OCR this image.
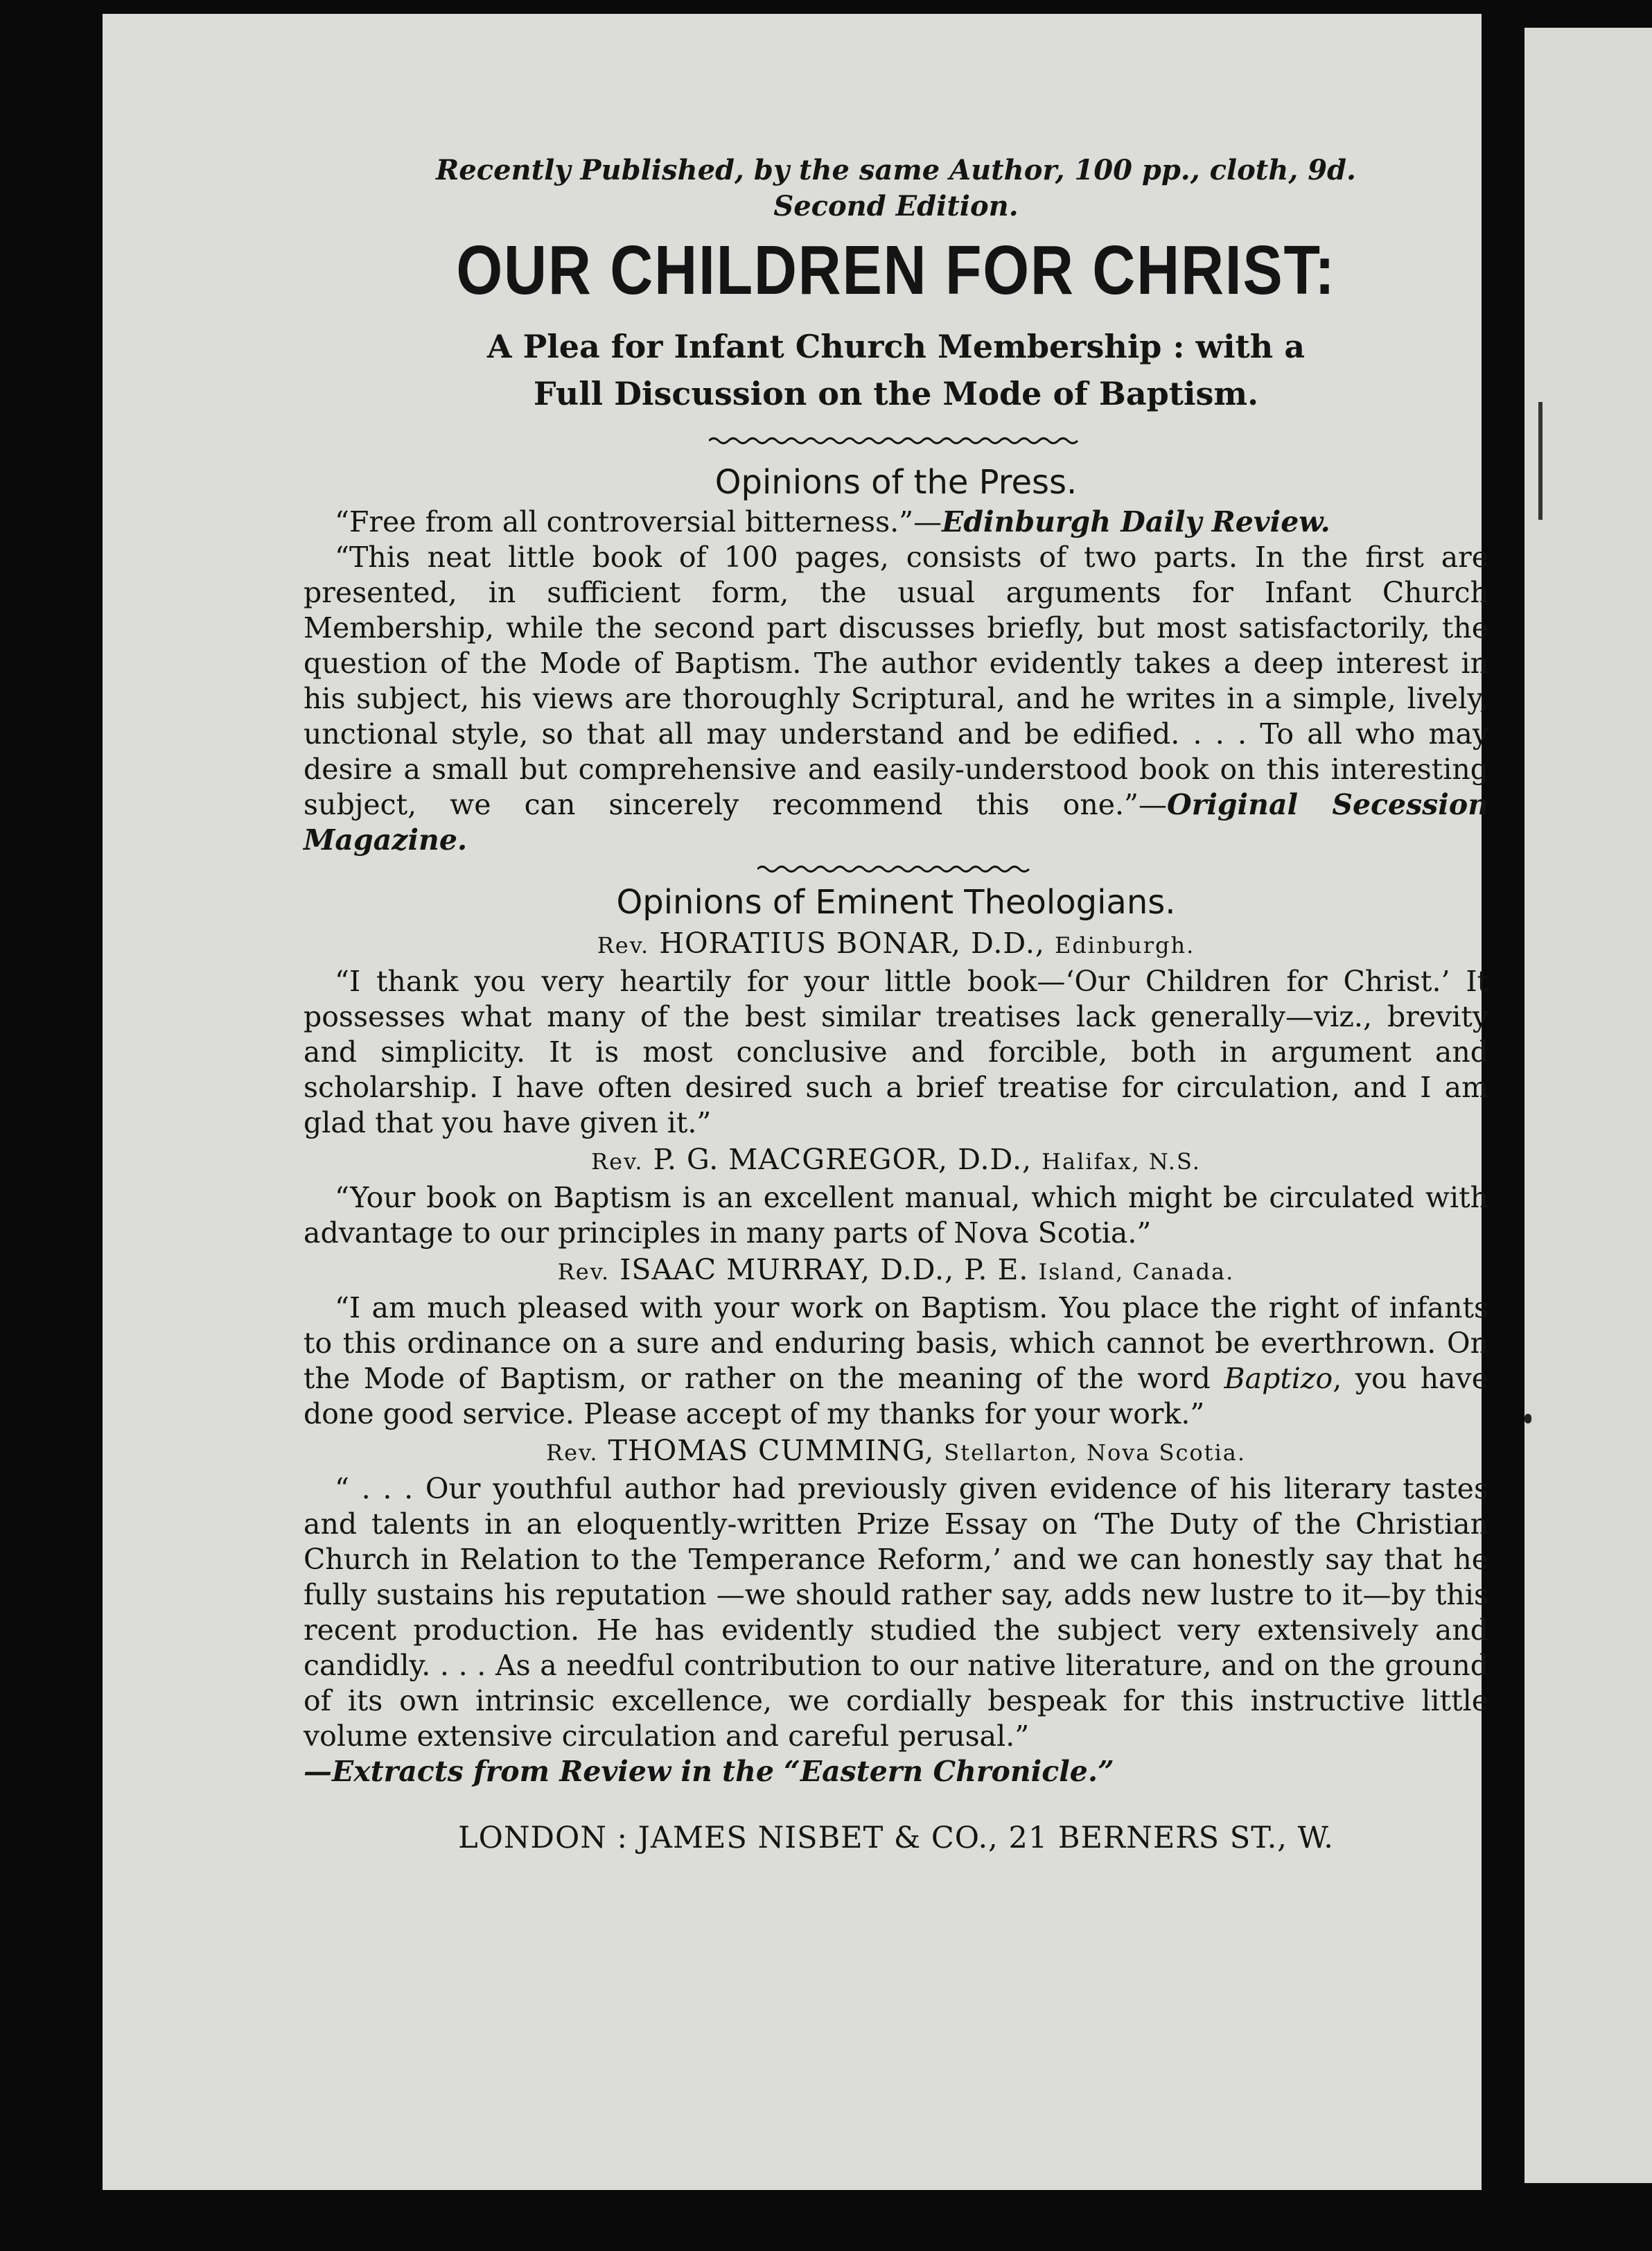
Recently Published, by the same Author, 100 pp., cloth, 9d.
Second Edition.
OUR CHILDREN FOR CHRIST:
A Plea for Infant Church Membership : with a
Full Discussion on the Mode of Baptism.
Opinions of the Press.

“Free from all controversial bitterness.”—Edinburgh Daily Review.

“This neat little book of 100 pages, consists of two parts. In the first are presented, in sufficient form, the usual arguments for Infant Church Membership, while the second part discusses briefly, but most satisfactorily, the question of the Mode of Baptism. The author evidently takes a deep interest in his subject, his views are thoroughly Scriptural, and he writes in a simple, lively, unctional style, so that all may understand and be edified. . . . To all who may desire a small but comprehensive and easily-understood book on this interesting subject, we can sincerely recommend this one.”—Original Secession Magazine.

Opinions of Eminent Theologians.
Rev. HORATIUS BONAR, D.D., Edinburgh.

“I thank you very heartily for your little book—‘Our Children for Christ.’ It possesses what many of the best similar treatises lack generally—viz., brevity and simplicity. It is most conclusive and forcible, both in argument and scholarship. I have often desired such a brief treatise for circulation, and I am glad that you have given it.”

Rev. P. G. MACGREGOR, D.D., Halifax, N.S.

“Your book on Baptism is an excellent manual, which might be circulated with advantage to our principles in many parts of Nova Scotia.”

Rev. ISAAC MURRAY, D.D., P. E. Island, Canada.

“I am much pleased with your work on Baptism. You place the right of infants to this ordinance on a sure and enduring basis, which cannot be everthrown. On the Mode of Baptism, or rather on the meaning of the word Baptizo, you have done good service. Please accept of my thanks for your work.”

Rev. THOMAS CUMMING, Stellarton, Nova Scotia.

“ . . . Our youthful author had previously given evidence of his literary tastes and talents in an eloquently-written Prize Essay on ‘The Duty of the Christian Church in Relation to the Temperance Reform,’ and we can honestly say that he fully sustains his reputation —we should rather say, adds new lustre to it—by this recent production. He has evidently studied the subject very extensively and candidly. . . . As a needful contribution to our native literature, and on the ground of its own intrinsic excellence, we cordially bespeak for this instructive little volume extensive circulation and careful perusal.”

—Extracts from Review in the “Eastern Chronicle.”

LONDON : JAMES NISBET & CO., 21 BERNERS ST., W.
